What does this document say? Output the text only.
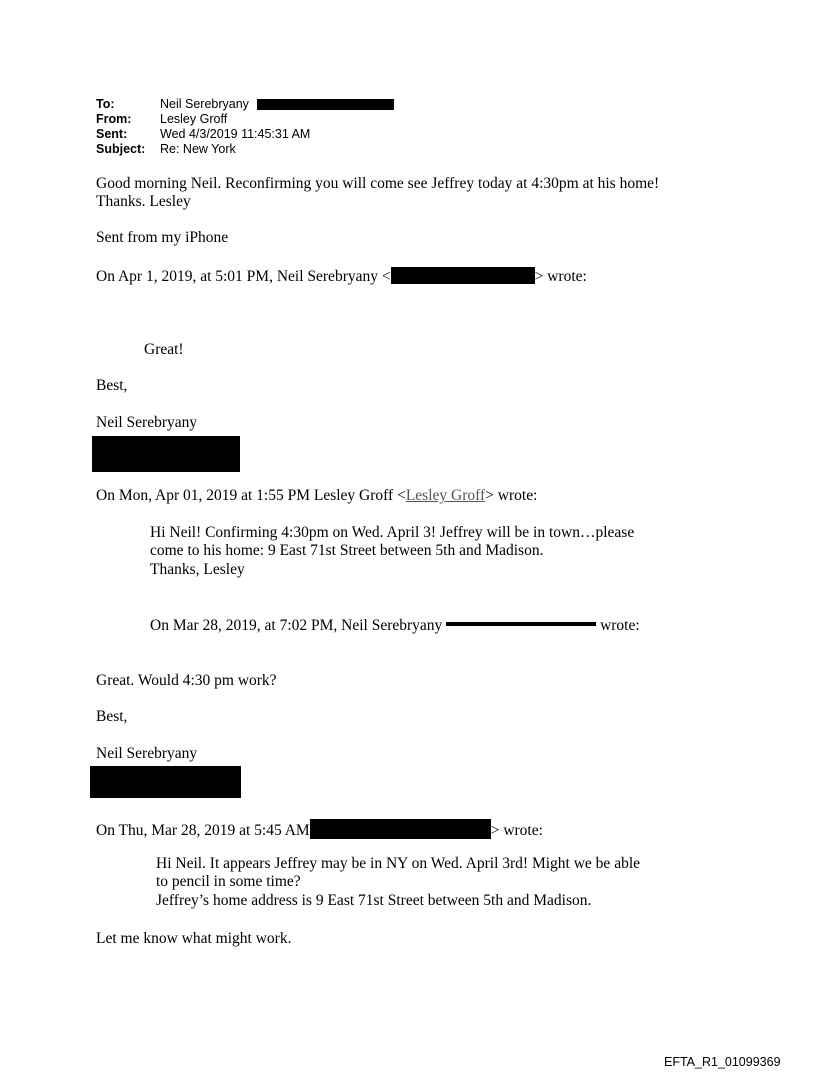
To:	Neil Serebryany
From: Lesley Groff
Sent:	Wed 4/3/2019 11:45:31 AM
Subject: Re: New York
Good morning Neil. Reconfirming you will come see Jeffrey today at 4:30pm at his home!
Thanks. Lesley
Sent from my iPhone
On Apr 1, 2019, at 5:01 PM, Neil Serebryany <	> wrote:
Great!
Best,
Neil Serebryany
On Mon, Apr 01, 2019 at 1:55 PM Lesley Groff <Lesley Groff> wrote:
Hi Neil! Confirming 4:30pm on Wed. April 3! Jeffrey will be in town…please
come to his home: 9 East 71st Street between 5th and Madison.
Thanks, Lesley
On Mar 28, 2019, at 7:02 PM, Neil Serebryany	wrote:
Great. Would 4:30 pm work?
Best,
Neil Serebryany
On Thu, Mar 28, 2019 at 5:45 AM	> wrote:
Hi Neil. It appears Jeffrey may be in NY on Wed. April 3rd! Might we be able
to pencil in some time?
Jeffrey’s home address is 9 East 71st Street between 5th and Madison.
Let me know what might work.
EFTA_R1_01099369
